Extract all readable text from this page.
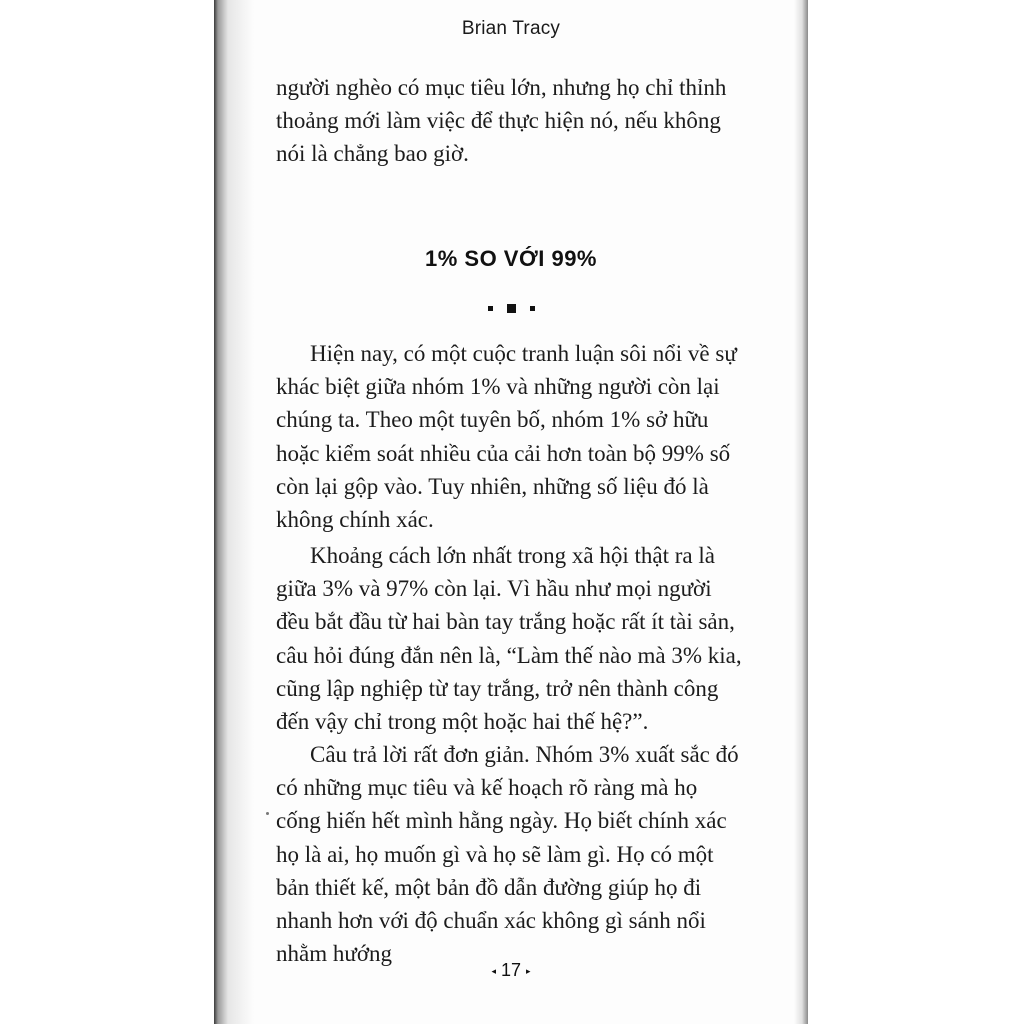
Brian Tracy

người nghèo có mục tiêu lớn, nhưng họ chỉ thỉnh thoảng mới làm việc để thực hiện nó, nếu không nói là chẳng bao giờ.

1% SO VỚI 99%

Hiện nay, có một cuộc tranh luận sôi nổi về sự khác biệt giữa nhóm 1% và những người còn lại chúng ta. Theo một tuyên bố, nhóm 1% sở hữu hoặc kiểm soát nhiều của cải hơn toàn bộ 99% số còn lại gộp vào. Tuy nhiên, những số liệu đó là không chính xác.

Khoảng cách lớn nhất trong xã hội thật ra là giữa 3% và 97% còn lại. Vì hầu như mọi người đều bắt đầu từ hai bàn tay trắng hoặc rất ít tài sản, câu hỏi đúng đắn nên là, “Làm thế nào mà 3% kia, cũng lập nghiệp từ tay trắng, trở nên thành công đến vậy chỉ trong một hoặc hai thế hệ?”.

Câu trả lời rất đơn giản. Nhóm 3% xuất sắc đó có những mục tiêu và kế hoạch rõ ràng mà họ cống hiến hết mình hằng ngày. Họ biết chính xác họ là ai, họ muốn gì và họ sẽ làm gì. Họ có một bản thiết kế, một bản đồ dẫn đường giúp họ đi nhanh hơn với độ chuẩn xác không gì sánh nổi nhằm hướng

◂ 17 ▸
